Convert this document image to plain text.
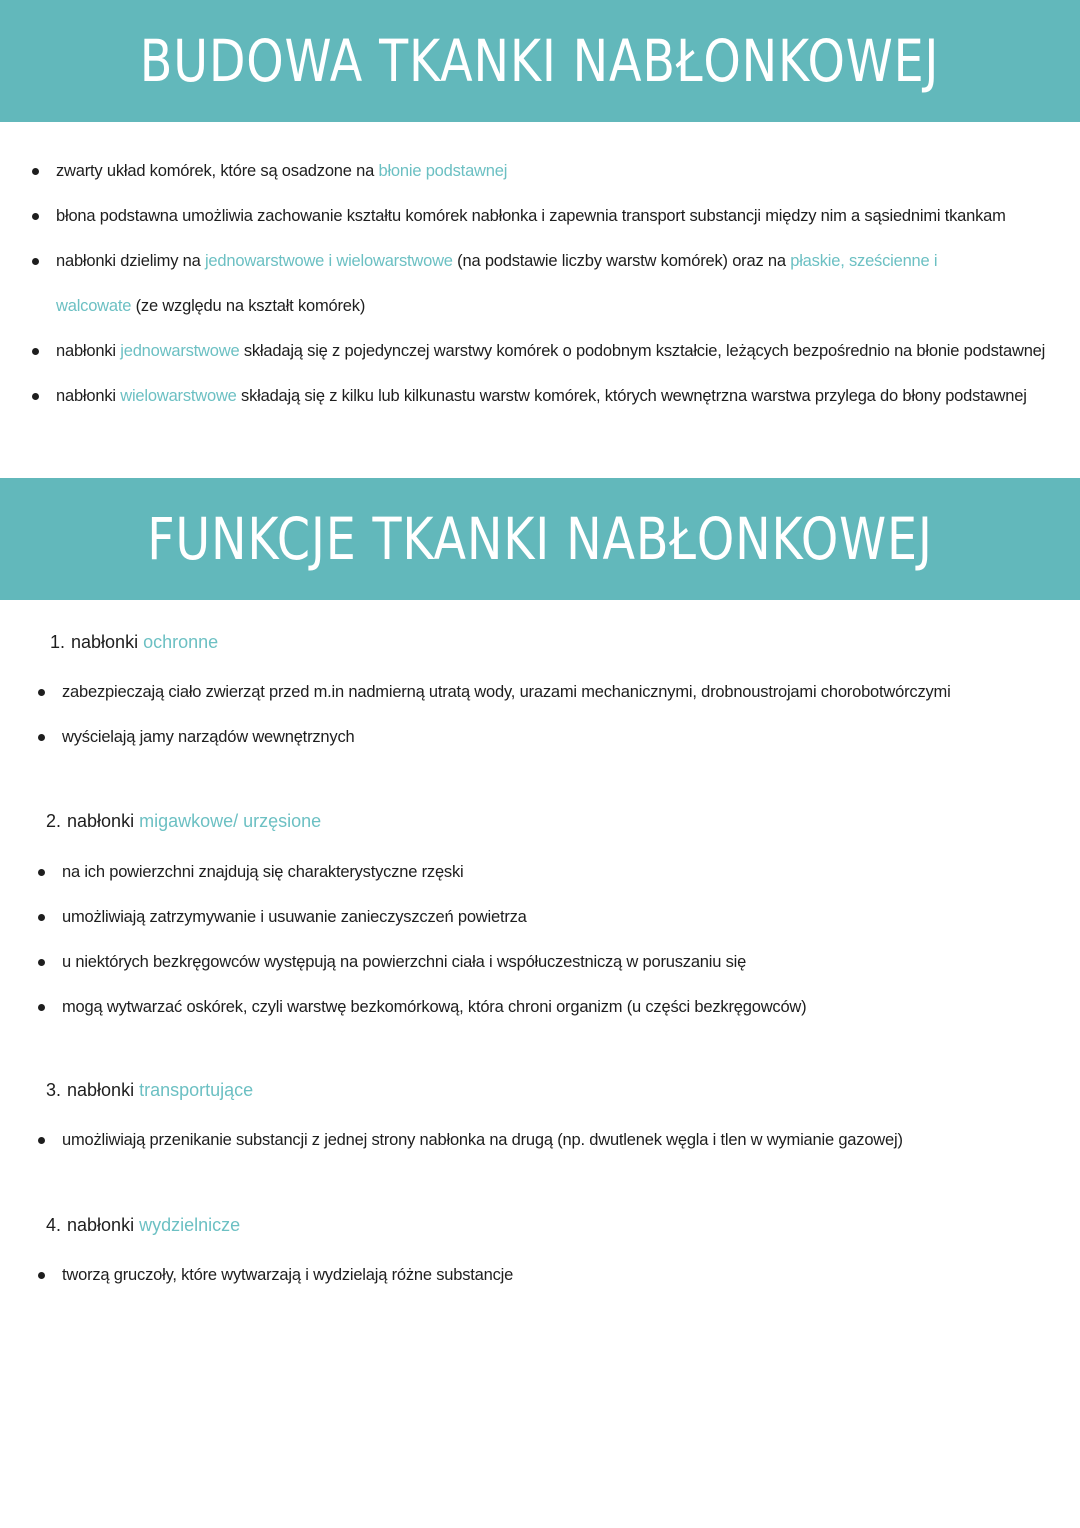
BUDOWA TKANKI NABŁONKOWEJ
zwarty układ komórek, które są osadzone na błonie podstawnej
błona podstawna umożliwia zachowanie kształtu komórek nabłonka i zapewnia transport substancji między nim a sąsiednimi tkankam
nabłonki dzielimy na jednowarstwowe i wielowarstwowe (na podstawie liczby warstw komórek) oraz na płaskie, sześcienne i walcowate (ze względu na kształt komórek)
nabłonki jednowarstwowe składają się z pojedynczej warstwy komórek o podobnym kształcie, leżących bezpośrednio na błonie podstawnej
nabłonki wielowarstwowe składają się z kilku lub kilkunastu warstw komórek, których wewnętrzna warstwa przylega do błony podstawnej
FUNKCJE TKANKI NABŁONKOWEJ
1. nabłonki ochronne
zabezpieczają ciało zwierząt przed m.in nadmierną utratą wody, urazami mechanicznymi, drobnoustrojami chorobotwórczymi
wyścielają jamy narządów wewnętrznych
2. nabłonki migawkowe/ urzęsione
na ich powierzchni znajdują się charakterystyczne rzęski
umożliwiają zatrzymywanie i usuwanie zanieczyszczeń powietrza
u niektórych bezkręgowców występują na powierzchni ciała i współuczestniczą w poruszaniu się
mogą wytwarzać oskórek, czyli warstwę bezkomórkową, która chroni organizm (u części bezkręgowców)
3. nabłonki transportujące
umożliwiają przenikanie substancji z jednej strony nabłonka na drugą (np. dwutlenek węgla i tlen w wymianie gazowej)
4. nabłonki wydzielnicze
tworzą gruczoły, które wytwarzają i wydzielają różne substancje
